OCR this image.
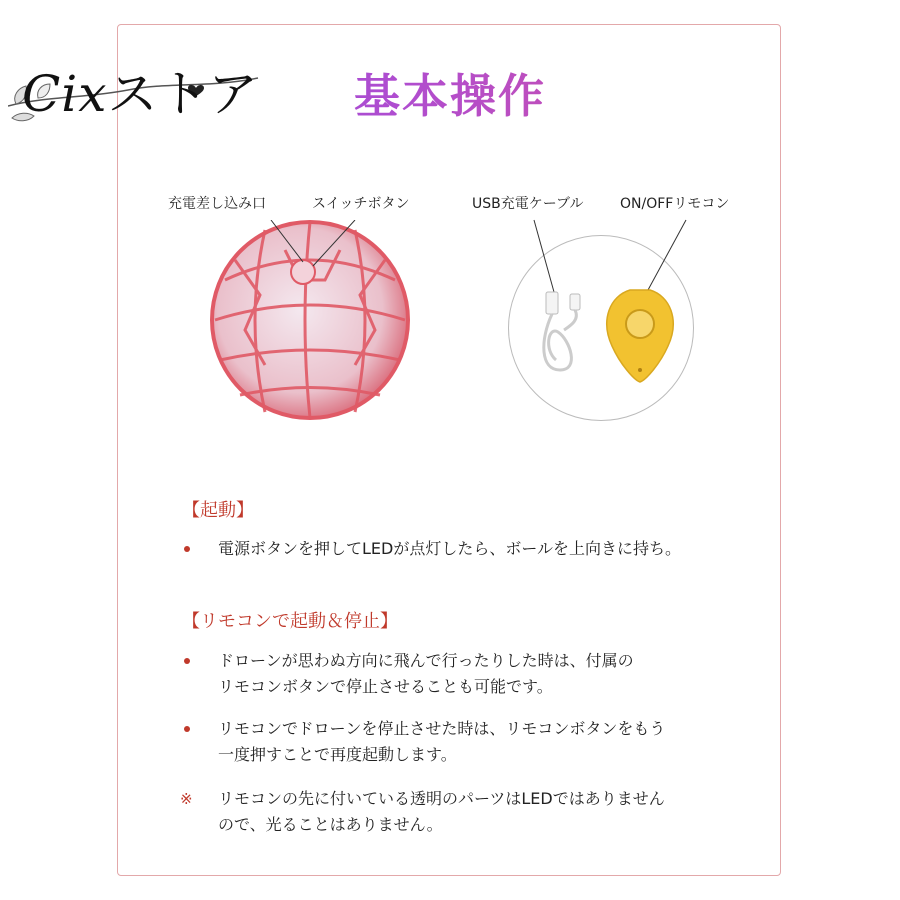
基本操作
充電差し込み口	スイッチボタン	USB充電ケーブル	ON/OFFリモコン
【起動】
電源ボタンを押してLEDが点灯したら、ボールを上向きに持ち。
【リモコンで起動＆停止】
ドローンが思わぬ方向に飛んで行ったりした時は、付属の
リモコンボタンで停止させることも可能です。
リモコンでドローンを停止させた時は、リモコンボタンをもう
一度押すことで再度起動します。
※ リモコンの先に付いている透明のパーツはLEDではありません
ので、光ることはありません。
